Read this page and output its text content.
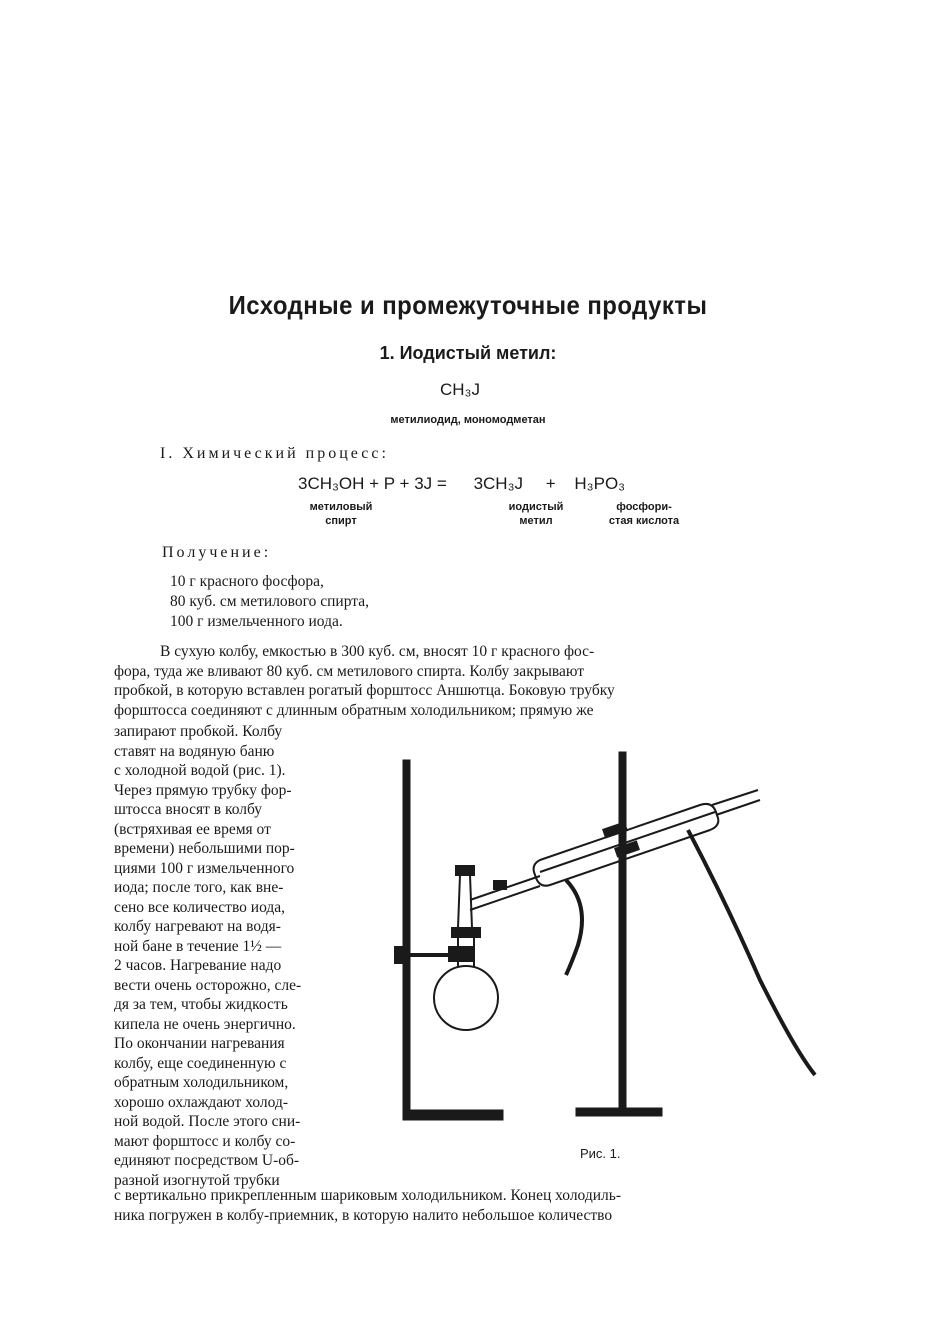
Исходные и промежуточные продукты
1. Иодистый метил:
CH₃J
метилиодид, мономодметан
I. Химический процесс:
3CH₃OH + P + 3J = 3CH₃J + H₃PO₃
метиловый
спирт
иодистый
метил
фосфори-
стая кислота
Получение:
10 г красного фосфора,
80 куб. см метилового спирта,
100 г измельченного иода.
В сухую колбу, емкостью в 300 куб. см, вносят 10 г красного фос-
фора, туда же вливают 80 куб. см метилового спирта. Колбу закрывают
пробкой, в которую вставлен рогатый форштосс Аншютца. Боковую трубку
форштосса соединяют с длинным обратным холодильником; прямую же
запирают пробкой. Колбу
ставят на водяную баню
с холодной водой (рис. 1).
Через прямую трубку фор-
штосса вносят в колбу
(встряхивая ее время от
времени) небольшими пор-
циями 100 г измельченного
иода; после того, как вне-
сено все количество иода,
колбу нагревают на водя-
ной бане в течение 1½ —
2 часов. Нагревание надо
вести очень осторожно, сле-
дя за тем, чтобы жидкость
кипела не очень энергично.
По окончании нагревания
колбу, еще соединенную с
обратным холодильником,
хорошо охлаждают холод-
ной водой. После этого сни-
мают форштосс и колбу со-
единяют посредством U-об-
разной изогнутой трубки
с вертикально прикрепленным шариковым холодильником. Конец холодиль-
ника погружен в колбу-приемник, в которую налито небольшое количество
Рис. 1.
